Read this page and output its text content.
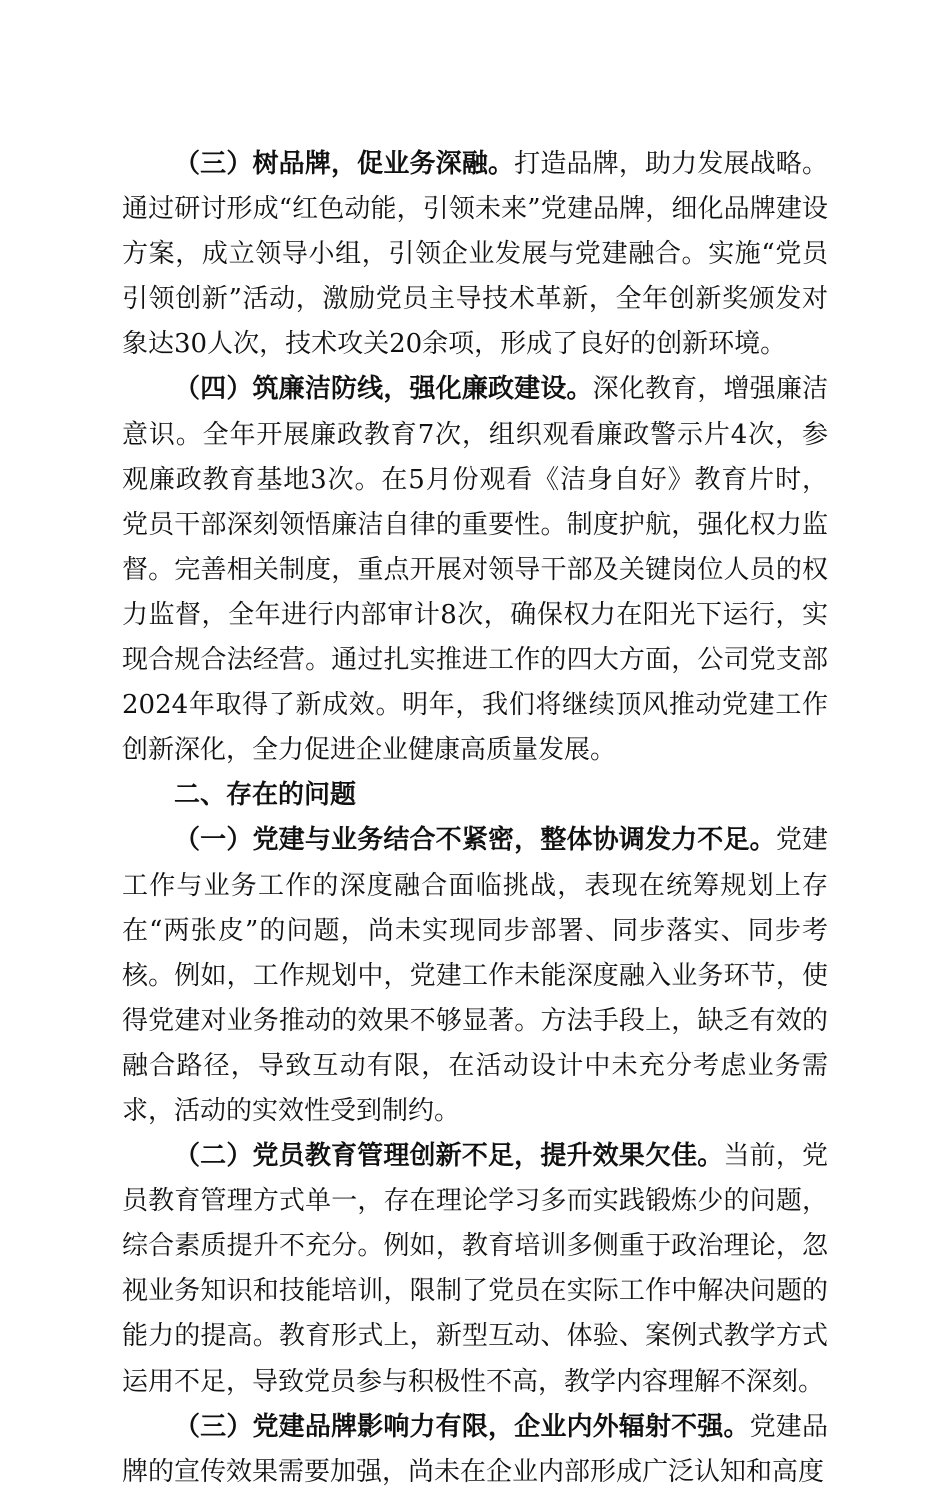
（三）树品牌，促业务深融。打造品牌，助力发展战略。通过研讨形成“红色动能，引领未来”党建品牌，细化品牌建设方案，成立领导小组，引领企业发展与党建融合。实施“党员引领创新”活动，激励党员主导技术革新，全年创新奖颁发对象达30人次，技术攻关20余项，形成了良好的创新环境。

（四）筑廉洁防线，强化廉政建设。深化教育，增强廉洁意识。全年开展廉政教育7次，组织观看廉政警示片4次，参观廉政教育基地3次。在5月份观看《洁身自好》教育片时，党员干部深刻领悟廉洁自律的重要性。制度护航，强化权力监督。完善相关制度，重点开展对领导干部及关键岗位人员的权力监督，全年进行内部审计8次，确保权力在阳光下运行，实现合规合法经营。通过扎实推进工作的四大方面，公司党支部2024年取得了新成效。明年，我们将继续顶风推动党建工作创新深化，全力促进企业健康高质量发展。

二、存在的问题

（一）党建与业务结合不紧密，整体协调发力不足。党建工作与业务工作的深度融合面临挑战，表现在统筹规划上存在“两张皮”的问题，尚未实现同步部署、同步落实、同步考核。例如，工作规划中，党建工作未能深度融入业务环节，使得党建对业务推动的效果不够显著。方法手段上，缺乏有效的融合路径，导致互动有限，在活动设计中未充分考虑业务需求，活动的实效性受到制约。

（二）党员教育管理创新不足，提升效果欠佳。当前，党员教育管理方式单一，存在理论学习多而实践锻炼少的问题，综合素质提升不充分。例如，教育培训多侧重于政治理论，忽视业务知识和技能培训，限制了党员在实际工作中解决问题的能力的提高。教育形式上，新型互动、体验、案例式教学方式运用不足，导致党员参与积极性不高，教学内容理解不深刻。

（三）党建品牌影响力有限，企业内外辐射不强。党建品牌的宣传效果需要加强，尚未在企业内部形成广泛认知和高度
